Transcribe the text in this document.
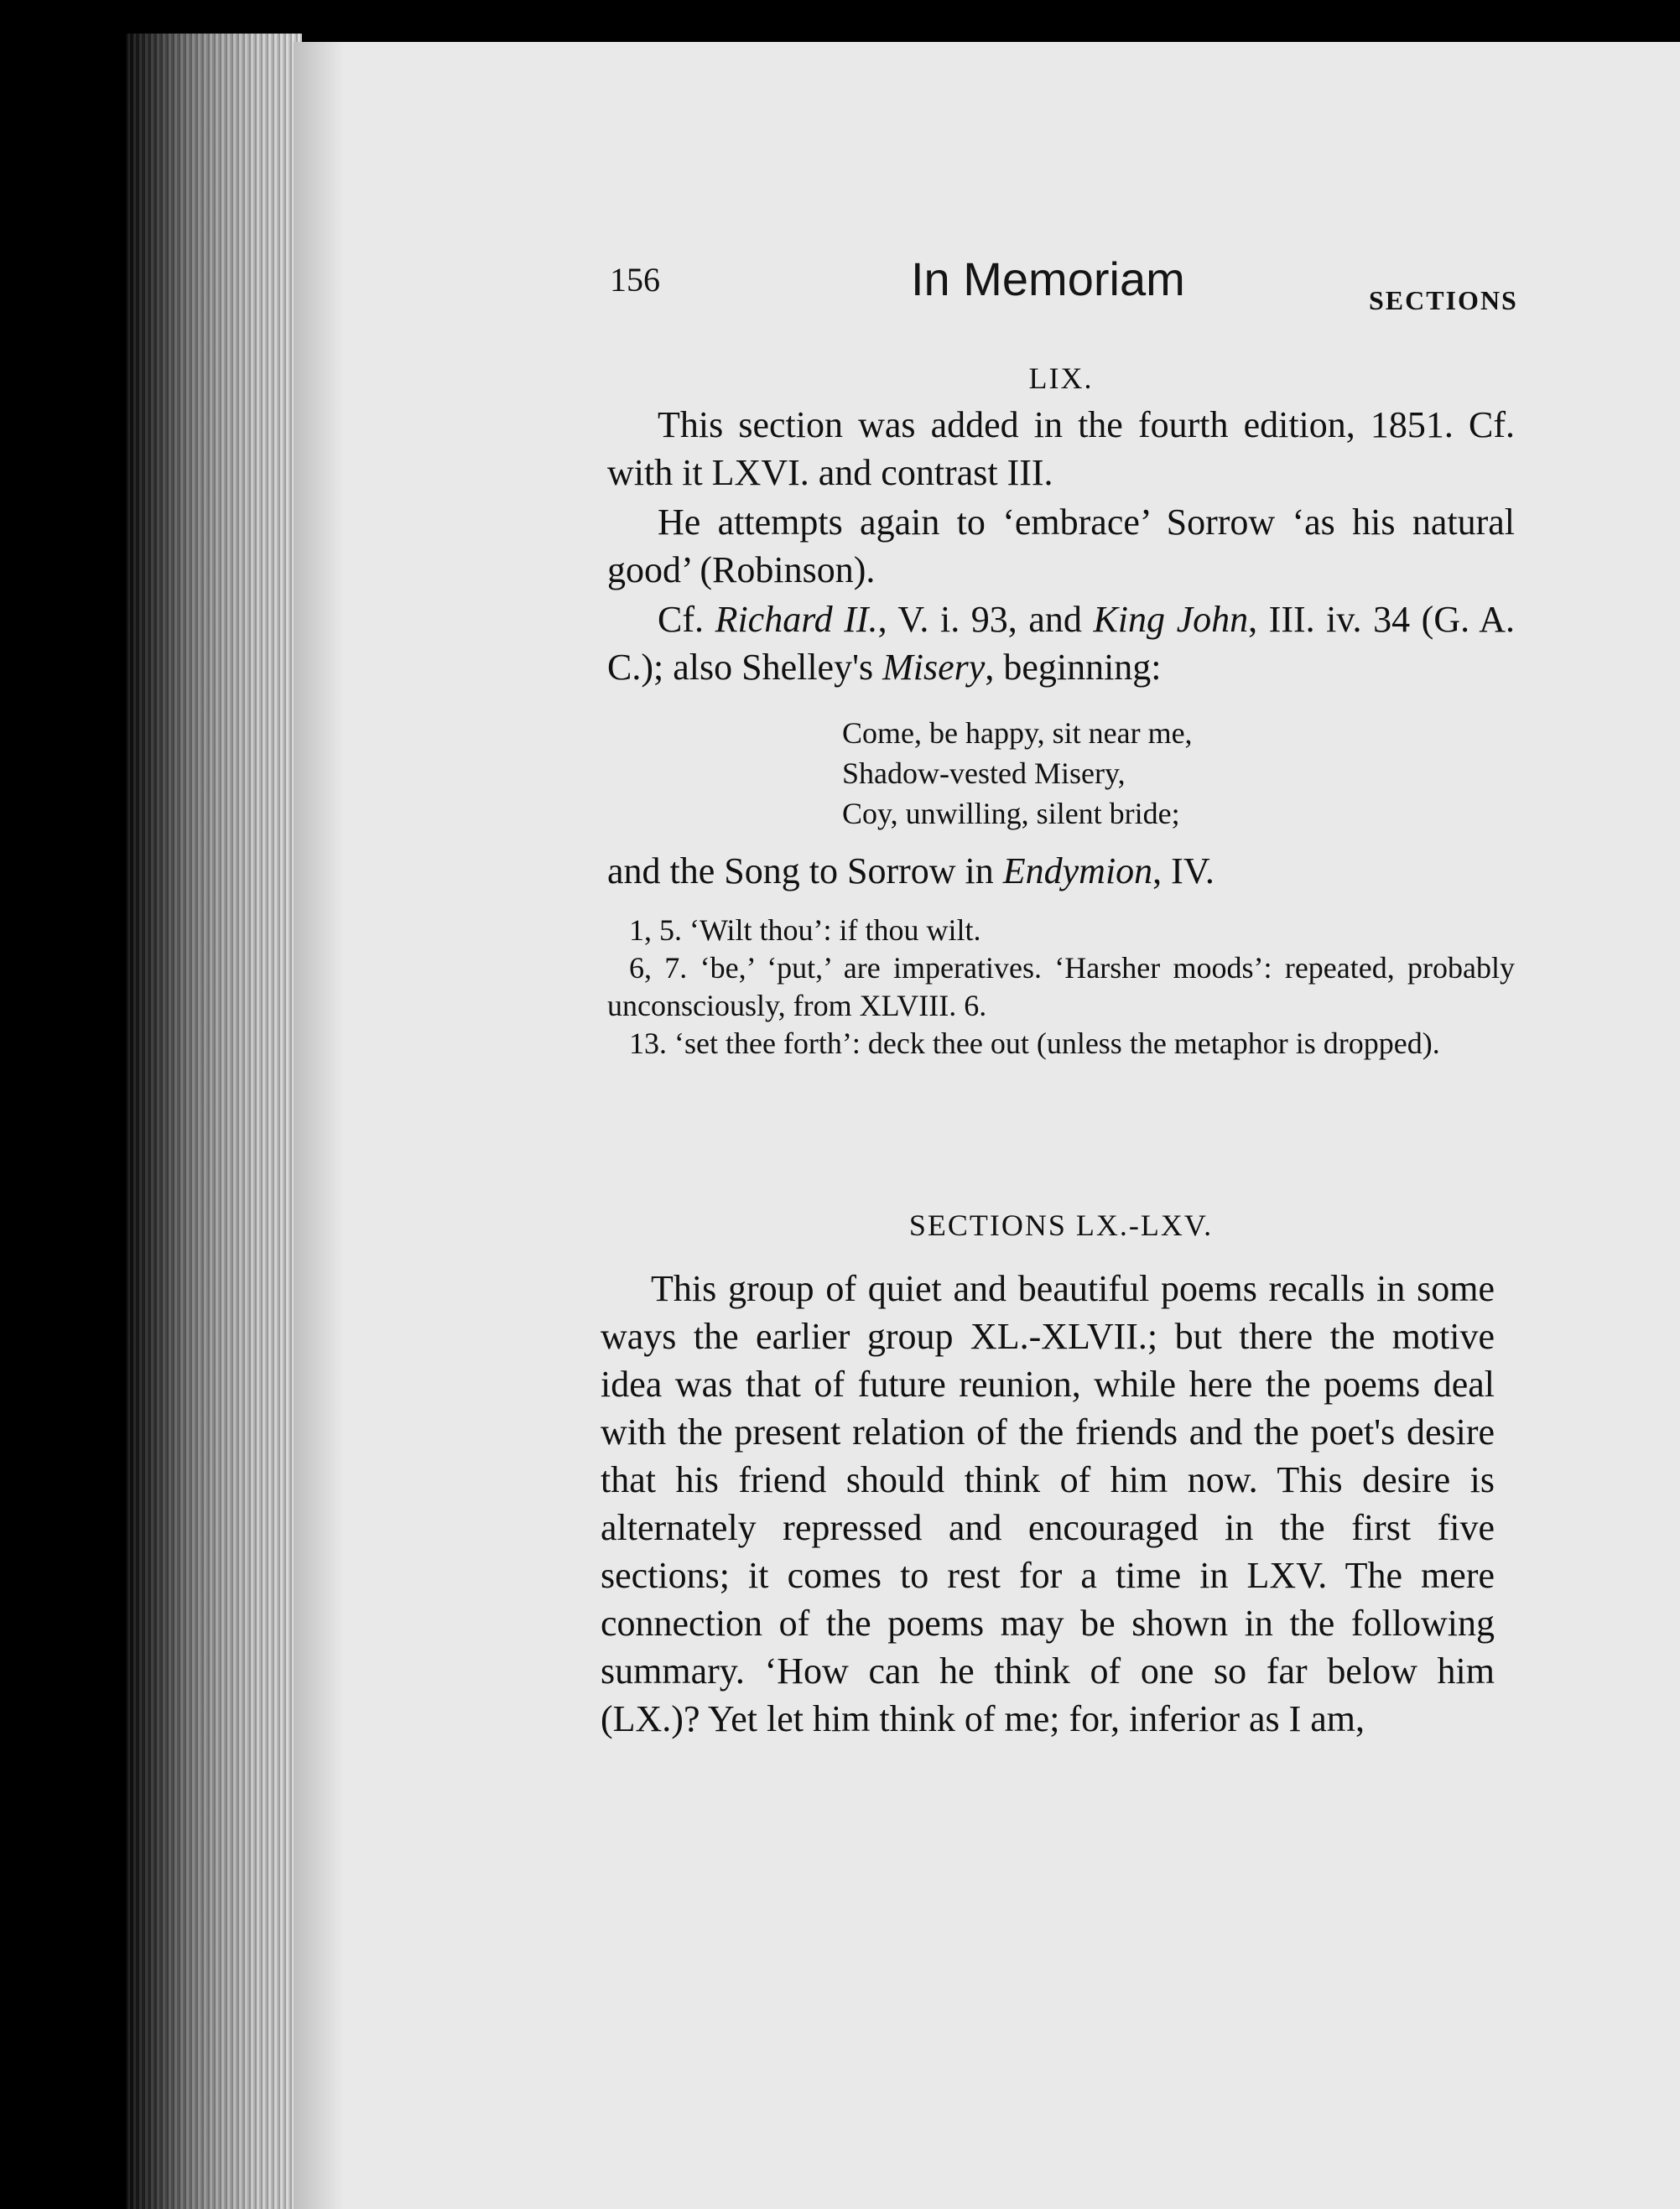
156	In Memoriam	SECTIONS
LIX.

This section was added in the fourth edition, 1851. Cf. with it LXVI. and contrast III.

He attempts again to ‘embrace’ Sorrow ‘as his natural good’ (Robinson).

Cf. Richard II., V. i. 93, and King John, III. iv. 34 (G. A. C.); also Shelley's Misery, beginning:

Come, be happy, sit near me,
Shadow-vested Misery,
Coy, unwilling, silent bride;

and the Song to Sorrow in Endymion, IV.

1, 5. ‘Wilt thou’: if thou wilt.

6, 7. ‘be,’ ‘put,’ are imperatives. ‘Harsher moods’: repeated, probably unconsciously, from XLVIII. 6.

13. ‘set thee forth’: deck thee out (unless the metaphor is dropped).

SECTIONS LX.-LXV.

This group of quiet and beautiful poems recalls in some ways the earlier group XL.-XLVII.; but there the motive idea was that of future reunion, while here the poems deal with the present relation of the friends and the poet's desire that his friend should think of him now. This desire is alternately repressed and encouraged in the first five sections; it comes to rest for a time in LXV. The mere connection of the poems may be shown in the following summary. ‘How can he think of one so far below him (LX.)? Yet let him think of me; for, inferior as I am,
